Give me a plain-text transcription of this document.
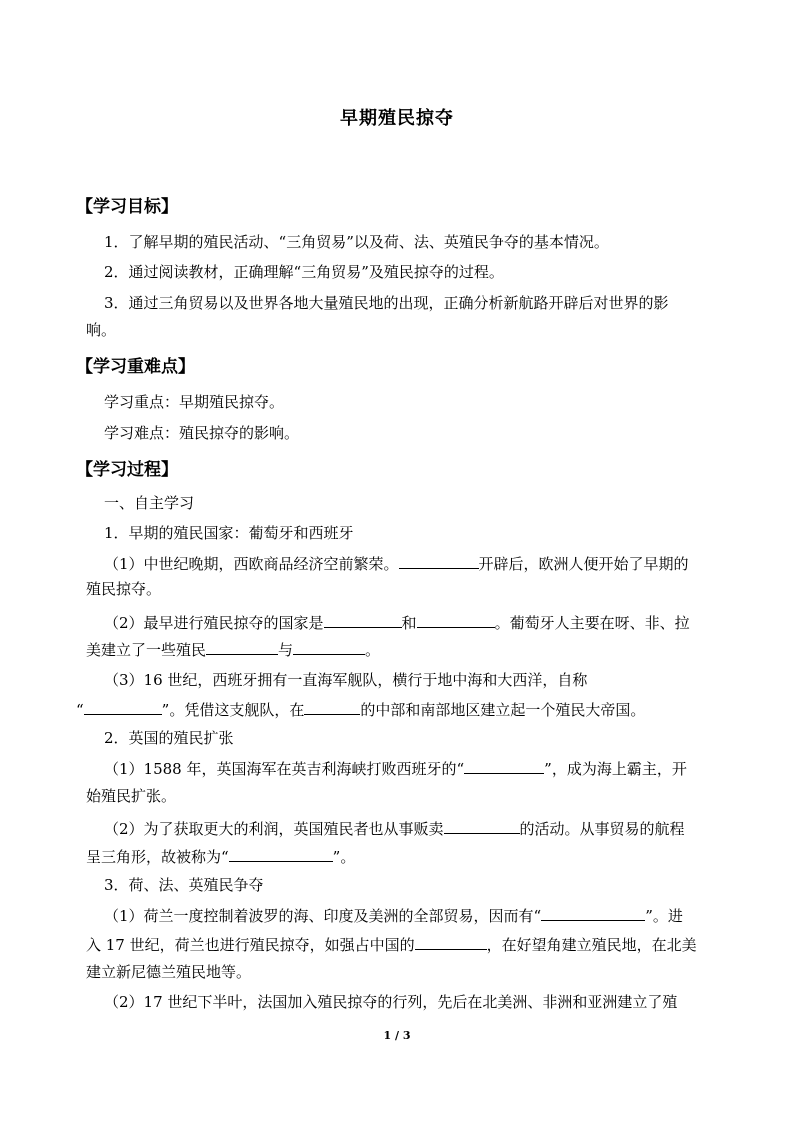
早期殖民掠夺
【学习目标】
1．了解早期的殖民活动、“三角贸易”以及荷、法、英殖民争夺的基本情况。
2．通过阅读教材，正确理解“三角贸易”及殖民掠夺的过程。
3．通过三角贸易以及世界各地大量殖民地的出现，正确分析新航路开辟后对世界的影
响。
【学习重难点】
学习重点：早期殖民掠夺。
学习难点：殖民掠夺的影响。
【学习过程】
一、自主学习
1．早期的殖民国家：葡萄牙和西班牙
（1）中世纪晚期，西欧商品经济空前繁荣。	开辟后，欧洲人便开始了早期的
殖民掠夺。
（2）最早进行殖民掠夺的国家是	和	。葡萄牙人主要在呀、非、拉
美建立了一些殖民	与	。
（3）16 世纪，西班牙拥有一直海军舰队，横行于地中海和大西洋，自称
“	”。凭借这支舰队，在	的中部和南部地区建立起一个殖民大帝国。
2．英国的殖民扩张
（1）1588 年，英国海军在英吉利海峡打败西班牙的“	”，成为海上霸主，开
始殖民扩张。
（2）为了获取更大的利润，英国殖民者也从事贩卖	的活动。从事贸易的航程
呈三角形，故被称为“	”。
3．荷、法、英殖民争夺
（1）荷兰一度控制着波罗的海、印度及美洲的全部贸易，因而有“	”。进
入 17 世纪，荷兰也进行殖民掠夺，如强占中国的	，在好望角建立殖民地，在北美
建立新尼德兰殖民地等。
（2）17 世纪下半叶，法国加入殖民掠夺的行列，先后在北美洲、非洲和亚洲建立了殖
1 / 3
